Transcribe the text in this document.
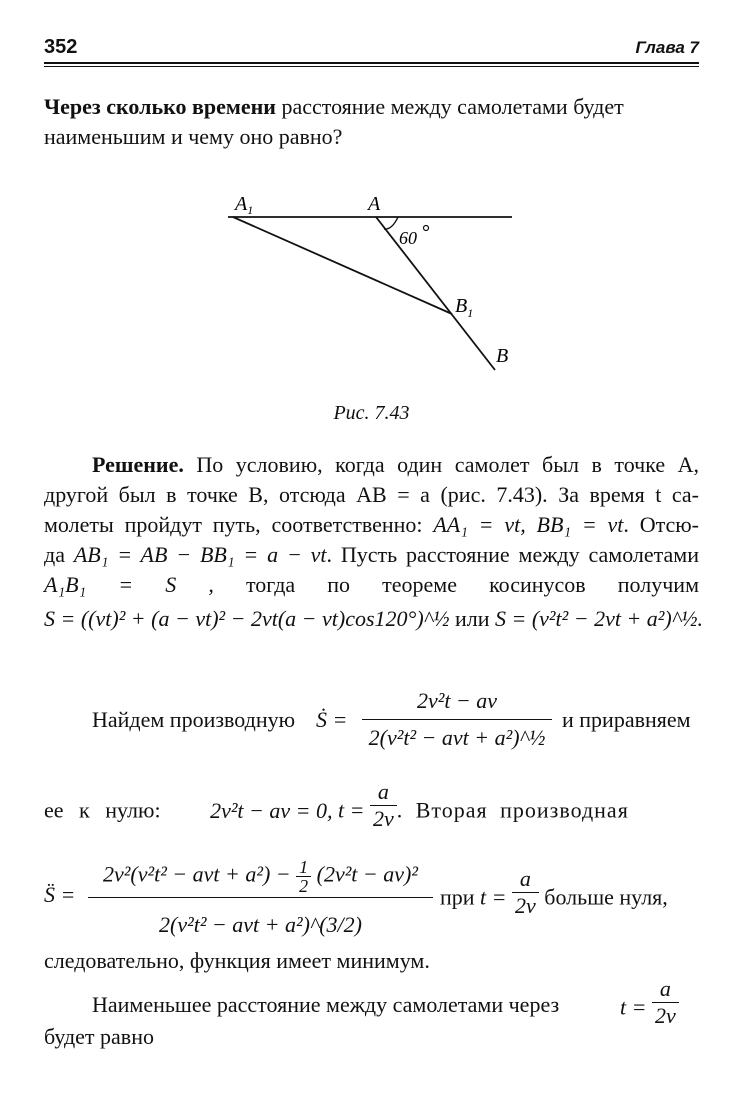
352	Глава 7
Через сколько времени расстояние между самолетами будет
наименьшим и чему оно равно?
$A_1$	A
60
$B_1$
B
Рис. 7.43
Решение. По условию, когда один самолет был в точке A,
другой был в точке B, отсюда AB = a (рис. 7.43). За время t са-
молеты пройдут путь, соответственно: AA₁ = vt, BB₁ = vt. Отсю-
да AB₁ = AB − BB₁ = a − vt. Пусть расстояние между самолетами
A₁B₁ = S , тогда по теореме косинусов получим
S = ((vt)² + (a − vt)² − 2vt(a − vt)cos120°)^½ или S = (v²t² − 2vt + a²)^½.
Найдем производную Ṡ =
2v²t − av
2(v²t² − avt + a²)^½
и приравняем
ее к нулю: 2v²t − av = 0, $t = \frac{a}{2v}$ . Вторая производная
S̈ =
2v²(v²t² − avt + $a^2) - \frac{1}{2} (2v^2t - av)^2$
2(v²t² − avt + a²)^(3/2)
при $t = \frac{a}{2v}$ больше нуля,
следовательно, функция имеет минимум.
Наименьшее расстояние между самолетами через	$t = \frac{a}{2v}$
будет равно
